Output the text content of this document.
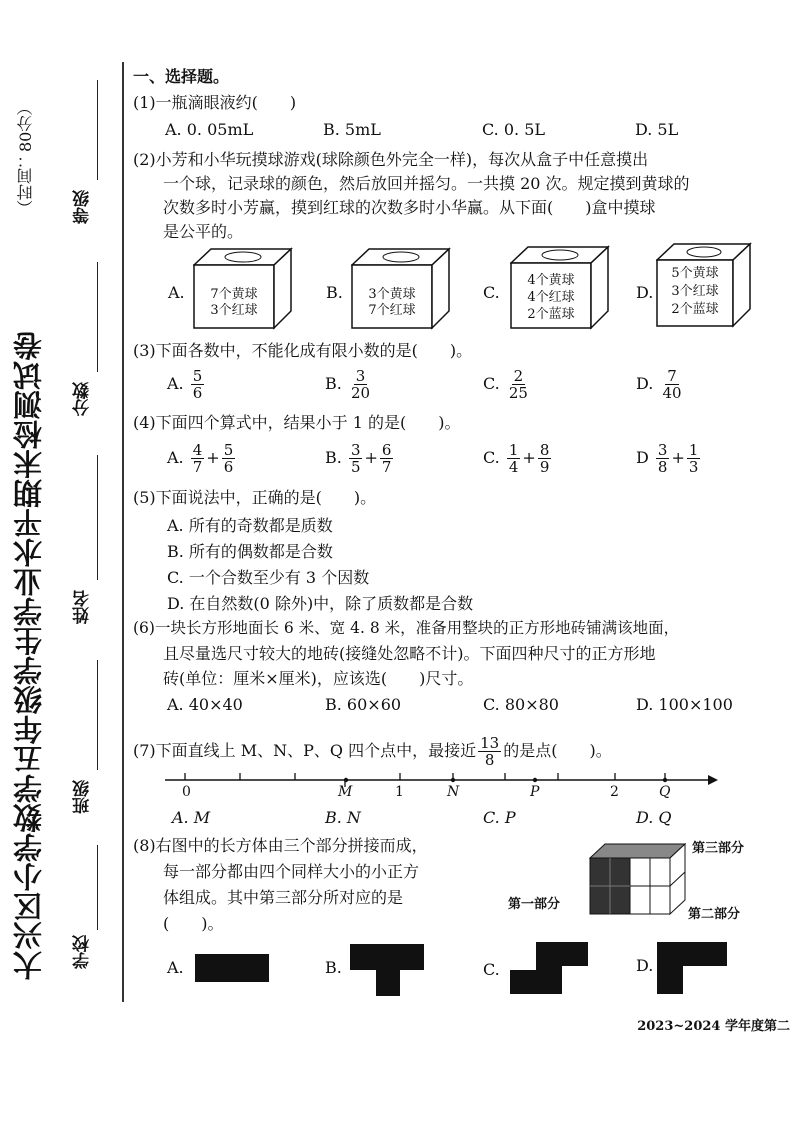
大兴区小学数学五年级学生学业水平期末检测试卷
（时间：80分） 等级
分数
姓名
班级
学校
一、选择题。
(1)一瓶滴眼液约(　　)
A. 0. 05mL	B. 5mL	C. 0. 5L	D. 5L
(2)小芳和小华玩摸球游戏(球除颜色外完全一样)，每次从盒子中任意摸出
一个球，记录球的颜色，然后放回并摇匀。一共摸 20 次。规定摸到黄球的
次数多时小芳赢，摸到红球的次数多时小华赢。从下面(　　)盒中摸球
是公平的。
A.	7个黄球
3个红球
B.	3个黄球
7个红球
C.
4个黄球
4个红球
2个蓝球
D.
5个黄球
3个红球
2个蓝球
(3)下面各数中，不能化成有限小数的是(　　)。
A. $\frac{5}{6}$	B. $\frac{3}{20}$	C. $\frac{2}{25}$	D. $\frac{7}{40}$
(4)下面四个算式中，结果小于 1 的是(　　)。
A. $\frac{4}{7} + \frac{5}{6}$	B. $\frac{3}{5} + \frac{6}{7}$	C. $\frac{1}{4} + \frac{8}{9}$	D $\frac{3}{8} + \frac{1}{3}$
(5)下面说法中，正确的是(　　)。
A. 所有的奇数都是质数
B. 所有的偶数都是合数
C. 一个合数至少有 3 个因数
D. 在自然数(0 除外)中，除了质数都是合数
(6)一块长方形地面长 6 米、宽 4. 8 米，准备用整块的正方形地砖铺满该地面，
且尽量选尺寸较大的地砖(接缝处忽略不计)。下面四种尺寸的正方形地
砖(单位：厘米×厘米)，应该选(　　)尺寸。
A. 40×40	B. 60×60	C. 80×80	D. 100×100
(7)下面直线上 M、N、P、Q 四个点中，最接近 $\frac{13}{8}$ 的是点(　　)。
0	M	1	N	P	2	Q
A. M	B. N	C. P	D. Q
(8)右图中的长方体由三个部分拼接而成，
每一部分都由四个同样大小的小正方
体组成。其中第三部分所对应的是
(　　)。
第三部分
第一部分
第二部分
A.	B.	C.	D.
2023~2024 学年度第二
